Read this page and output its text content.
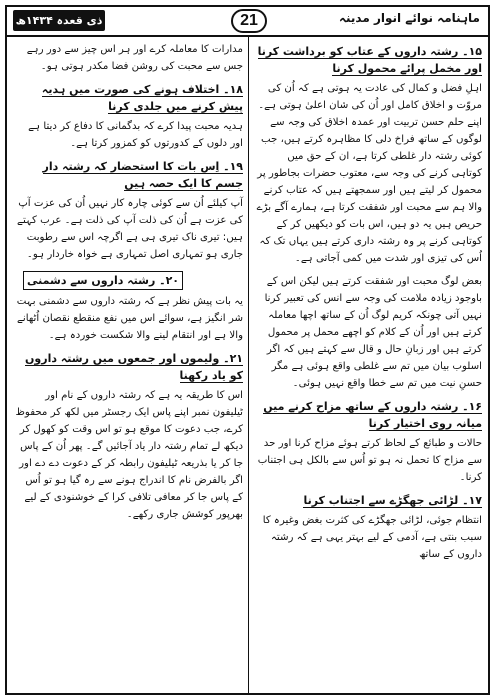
ذی قعدہ ۱۴۳۴ھ	21	ماہنامہ نوائے انوار مدینہ
۱۵۔ رشتہ داروں کے عتاب کو برداشت کرنا اور مخمل پرائے محمول کرنا

اہلِ فضل و کمال کی عادت یہ ہوتی ہے کہ اُن کی مروّت و اخلاق کامل اور اُن کی شان اعلیٰ ہوتی ہے۔ اپنے حلم حسن تربیت اور عمدہ اخلاق کی وجہ سے لوگوں کے ساتھ فراخ دلی کا مظاہرہ کرتے ہیں، جب کوئی رشتہ دار غلطی کرتا ہے، ان کے حق میں کوتاہی کرنے کی وجہ سے، معتوب حضرات بجاطور پر محمول کر لیتے ہیں اور سمجھتے ہیں کہ عتاب کرنے والا ہم سے محبت اور شفقت کرتا ہے، ہمارے آگے بڑے حریص ہیں یہ دو ہیں، اس بات کو دیکھیں کر کے کوتاہی کرنے پر وہ رشتہ داری کرتے ہیں یہاں تک کہ اُس کی تیزی اور شدت میں کمی آجاتی ہے۔

بعض لوگ محبت اور شفقت کرتے ہیں لیکن اس کے باوجود زیادہ ملامت کی وجہ سے انس کی تعبیر کرنا نہیں آتی چونکہ کریم لوگ اُن کے ساتھ اچھا معاملہ کرتے ہیں اور اُن کے کلام کو اچھے محمل پر محمول کرتے ہیں اور زبانِ حال و قال سے کہتے ہیں کہ اگر اسلوب بیان میں تم سے غلطی واقع ہوئی ہے مگر حسنِ نیت میں تم سے خطا واقع نہیں ہوئی۔

۱۶۔ رشتہ داروں کے ساتھ مزاح کرنے میں میانہ روی اختیار کرنا

حالات و طبائع کے لحاظ کرتے ہوئے مزاح کرنا اور حد سے مزاح کا تحمل نہ ہو تو اُس سے بالکل ہی اجتناب کرنا۔

۱۷۔ لڑائی جھگڑے سے اجتناب کرنا

انتظام جوئی، لڑائی جھگڑے کی کثرت بغض وغیرہ کا سبب بنتی ہے، آدمی کے لیے بہتر یہی ہے کہ رشتہ داروں کے ساتھ

مدارات کا معاملہ کرے اور ہر اس چیز سے دور رہے جس سے محبت کی روشن فضا مکدر ہوتی ہو۔

۱۸۔ اختلاف ہونے کی صورت میں ہدیہ پیش کرنے میں جلدی کرنا

ہدیہ محبت پیدا کرے کہ بدگمانی کا دفاع کر دیتا ہے اور دلوں کے کدورتوں کو کمزور کرتا ہے۔

۱۹۔ اِس بات کا استحضار کہ رشتہ دار جسم کا ایک حصہ ہیں

آپ کیلئے اُن سے کوئی چارہ کار نہیں اُن کی عزت آپ کی عزت ہے اُن کی ذلت آپ کی ذلت ہے۔ عرب کہتے ہیں: تیری ناک تیری ہی ہے اگرچہ اس سے رطوبت جاری ہو تمہاری اصل تمہاری ہے خواہ خاردار ہو۔

۲۰۔ رشتہ داروں سے دشمنی

یہ بات پیش نظر ہے کہ رشتہ داروں سے دشمنی بہت شر انگیز ہے، سوائے اس میں نفع منقطع نقصان اُٹھانے والا ہے اور انتقام لینے والا شکست خوردہ ہے۔

۲۱۔ ولیموں اور جمعوں میں رشتہ داروں کو یاد رکھنا

اس کا طریقہ یہ ہے کہ رشتہ داروں کے نام اور ٹیلیفون نمبر اپنے پاس ایک رجسٹر میں لکھ کر محفوظ کرے، جب دعوت کا موقع ہو تو اس وقت کو کھول کر دیکھ لے تمام رشتہ دار یاد آجائیں گے۔ پھر اُن کے پاس جا کر یا بذریعہ ٹیلیفون رابطہ کر کے دعوت دے دے اور اگر بالفرض نام کا اندراج ہونے سے رہ گیا ہو تو اُس کے پاس جا کر معافی تلافی کرا کے خوشنودی کے لیے بھرپور کوشش جاری رکھے۔
